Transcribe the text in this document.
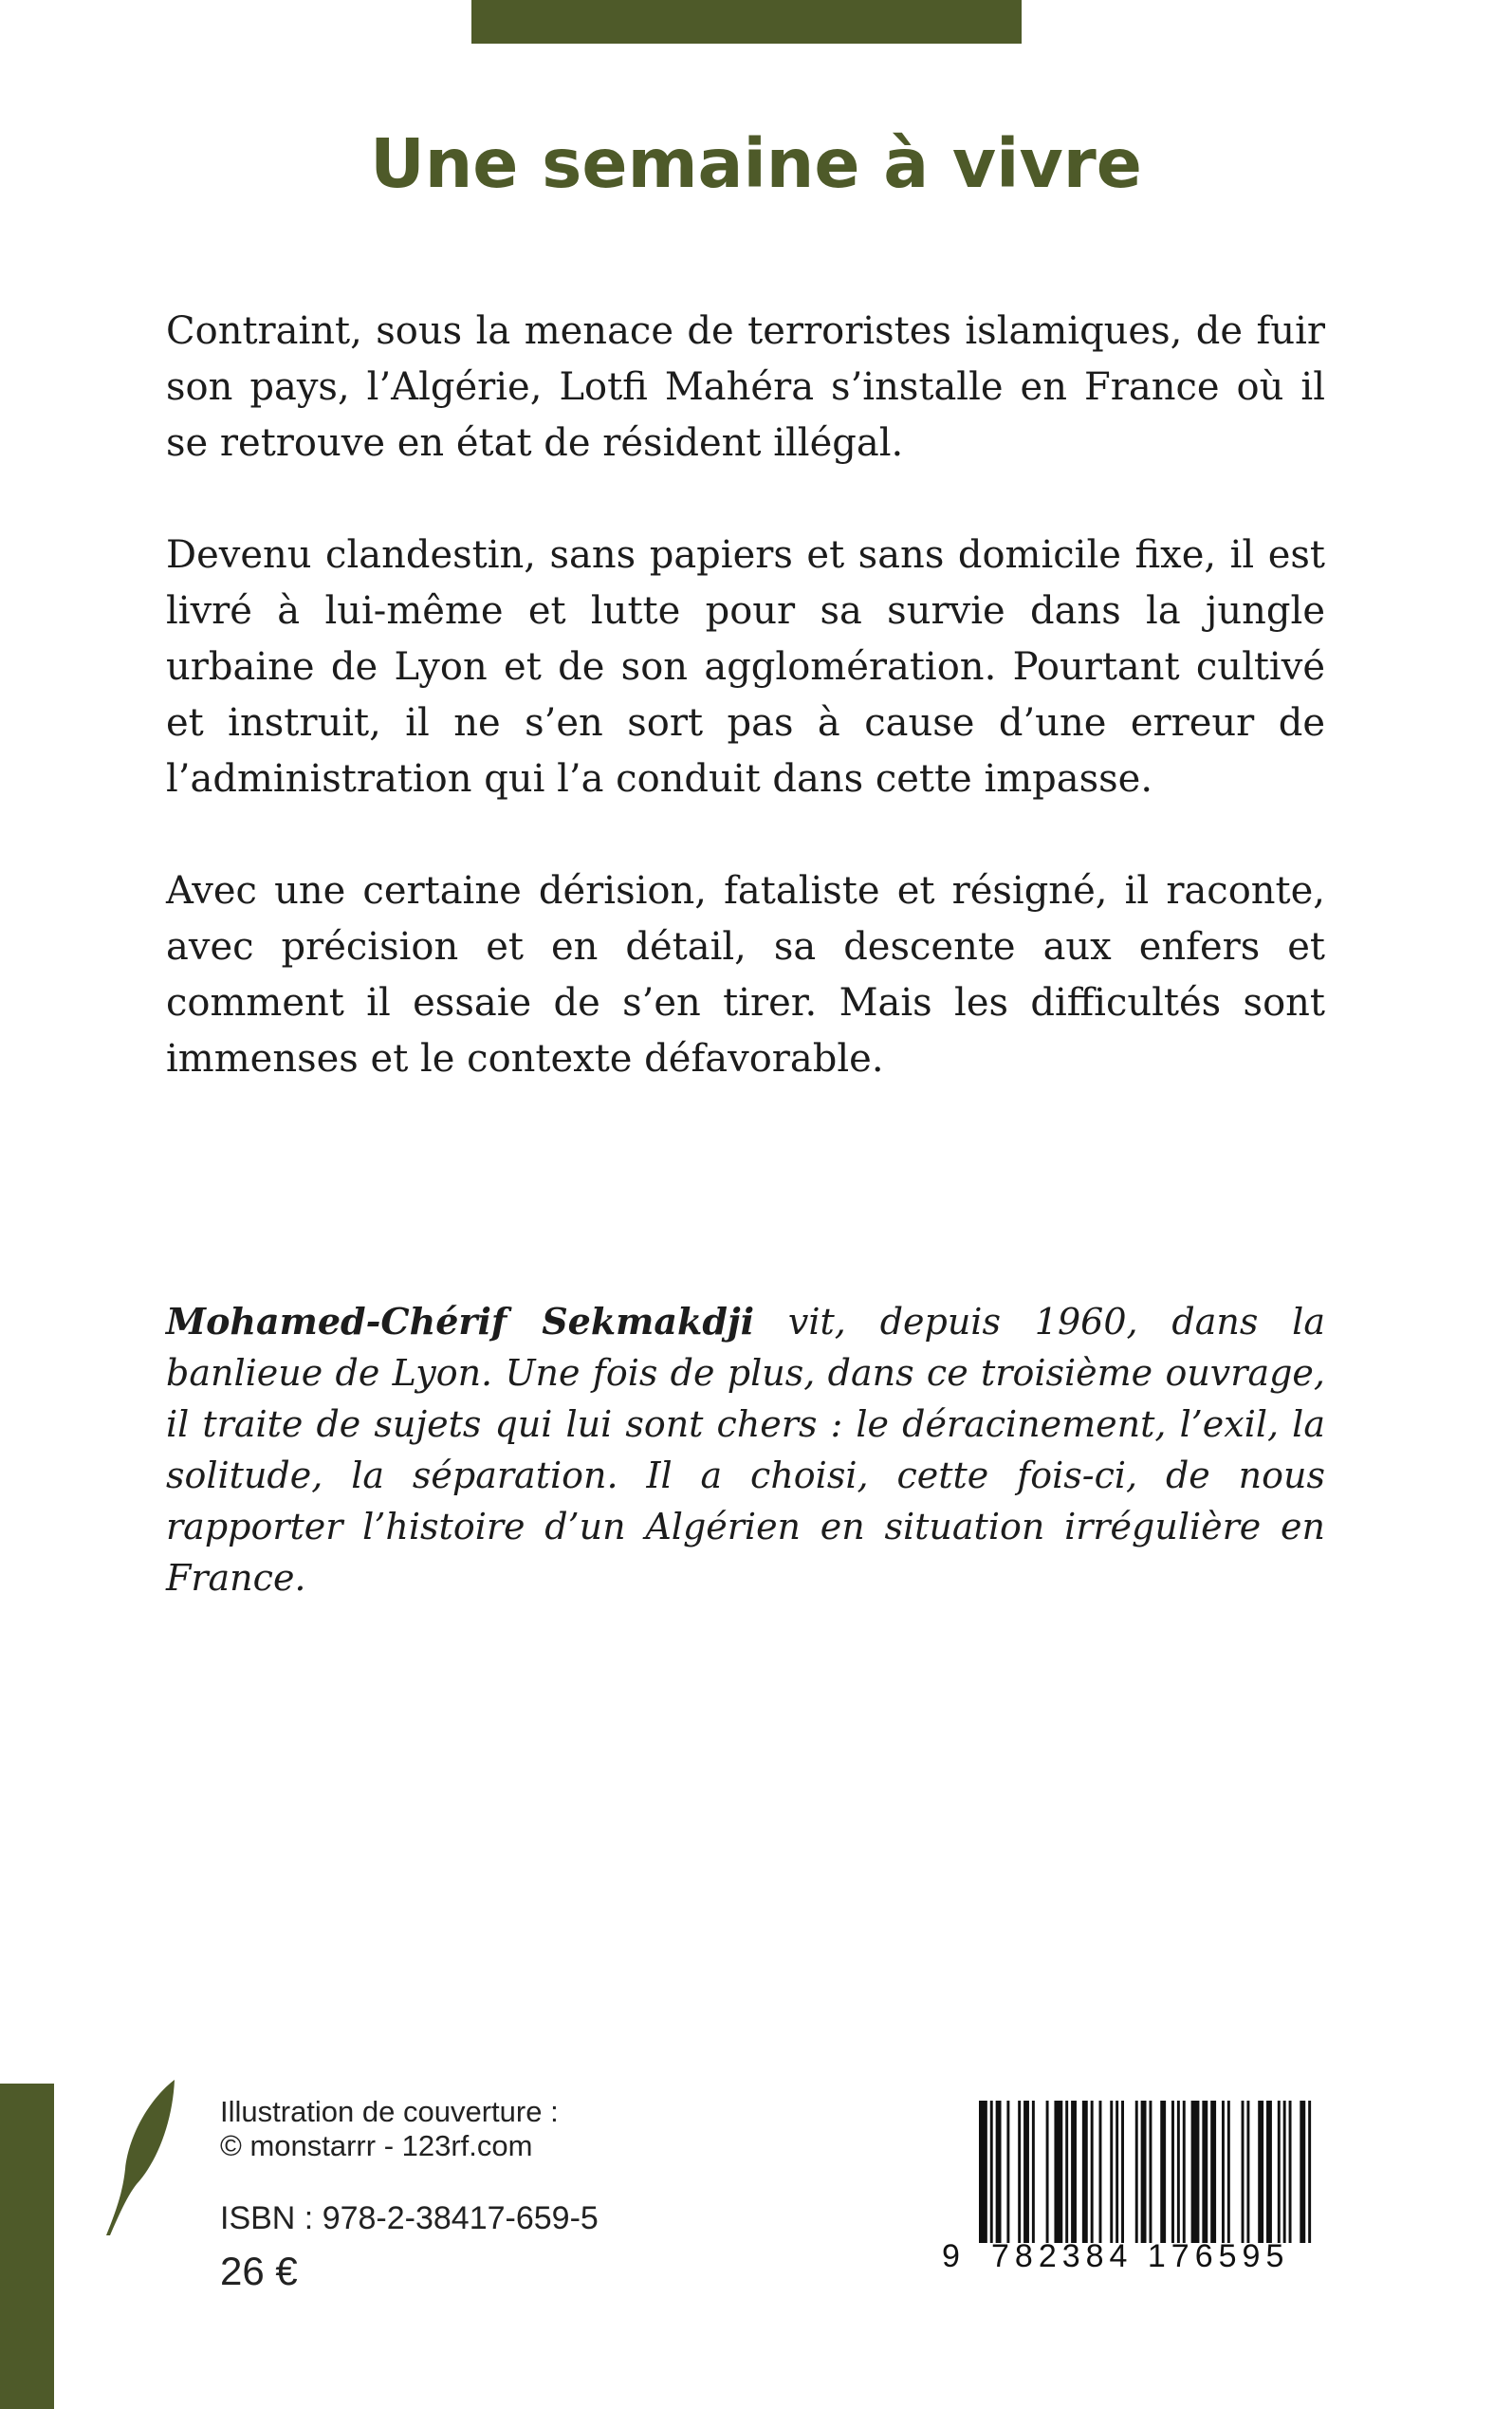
Une semaine à vivre

Contraint, sous la menace de terroristes islamiques, de fuir son pays, l’Algérie, Lotfi Mahéra s’installe en France où il se retrouve en état de résident illégal.

Devenu clandestin, sans papiers et sans domicile fixe, il est livré à lui-même et lutte pour sa survie dans la jungle urbaine de Lyon et de son agglomération. Pourtant cultivé et instruit, il ne s’en sort pas à cause d’une erreur de l’administration qui l’a conduit dans cette impasse.

Avec une certaine dérision, fataliste et résigné, il raconte, avec précision et en détail, sa descente aux enfers et comment il essaie de s’en tirer. Mais les difficultés sont immenses et le contexte défavorable.

Mohamed-Chérif Sekmakdji vit, depuis 1960, dans la banlieue de Lyon. Une fois de plus, dans ce troisième ouvrage, il traite de sujets qui lui sont chers : le déracinement, l’exil, la solitude, la séparation. Il a choisi, cette fois-ci, de nous rapporter l’histoire d’un Algérien en situation irrégulière en France.

Illustration de couverture :
© monstarrr - 123rf.com
ISBN : 978-2-38417-659-5
26 €	9 782384 176595
